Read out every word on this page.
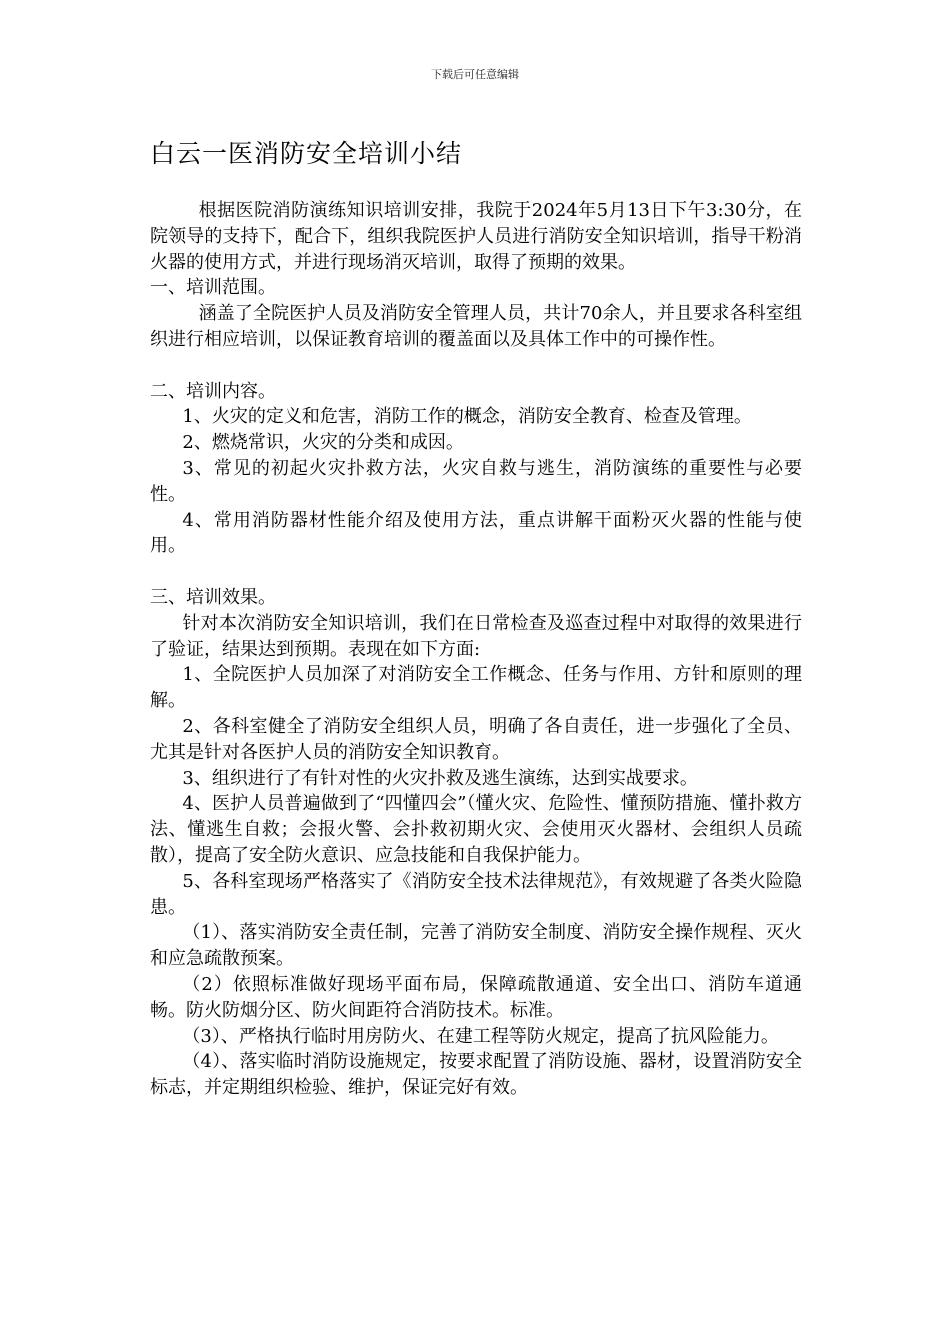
下载后可任意编辑
白云一医消防安全培训小结

根据医院消防演练知识培训安排，我院于2024年5月13日下午3:30分，在院领导的支持下，配合下，组织我院医护人员进行消防安全知识培训，指导干粉消火器的使用方式，并进行现场消灭培训，取得了预期的效果。

一、培训范围。

涵盖了全院医护人员及消防安全管理人员，共计70余人，并且要求各科室组织进行相应培训，以保证教育培训的覆盖面以及具体工作中的可操作性。

二、培训内容。

1、火灾的定义和危害，消防工作的概念，消防安全教育、检查及管理。

2、燃烧常识，火灾的分类和成因。

3、常见的初起火灾扑救方法，火灾自救与逃生，消防演练的重要性与必要性。

4、常用消防器材性能介绍及使用方法，重点讲解干面粉灭火器的性能与使用。

三、培训效果。

针对本次消防安全知识培训，我们在日常检查及巡查过程中对取得的效果进行了验证，结果达到预期。表现在如下方面:

1、全院医护人员加深了对消防安全工作概念、任务与作用、方针和原则的理解。

2、各科室健全了消防安全组织人员，明确了各自责任，进一步强化了全员、尤其是针对各医护人员的消防安全知识教育。

3、组织进行了有针对性的火灾扑救及逃生演练，达到实战要求。

4、医护人员普遍做到了“四懂四会”（懂火灾、危险性、懂预防措施、懂扑救方法、懂逃生自救；会报火警、会扑救初期火灾、会使用灭火器材、会组织人员疏散），提高了安全防火意识、应急技能和自我保护能力。

5、各科室现场严格落实了《消防安全技术法律规范》，有效规避了各类火险隐患。

（1）、落实消防安全责任制，完善了消防安全制度、消防安全操作规程、灭火和应急疏散预案。

（2）依照标准做好现场平面布局，保障疏散通道、安全出口、消防车道通畅。防火防烟分区、防火间距符合消防技术。标准。

（3）、严格执行临时用房防火、在建工程等防火规定，提高了抗风险能力。

（4）、落实临时消防设施规定，按要求配置了消防设施、器材，设置消防安全标志，并定期组织检验、维护，保证完好有效。
